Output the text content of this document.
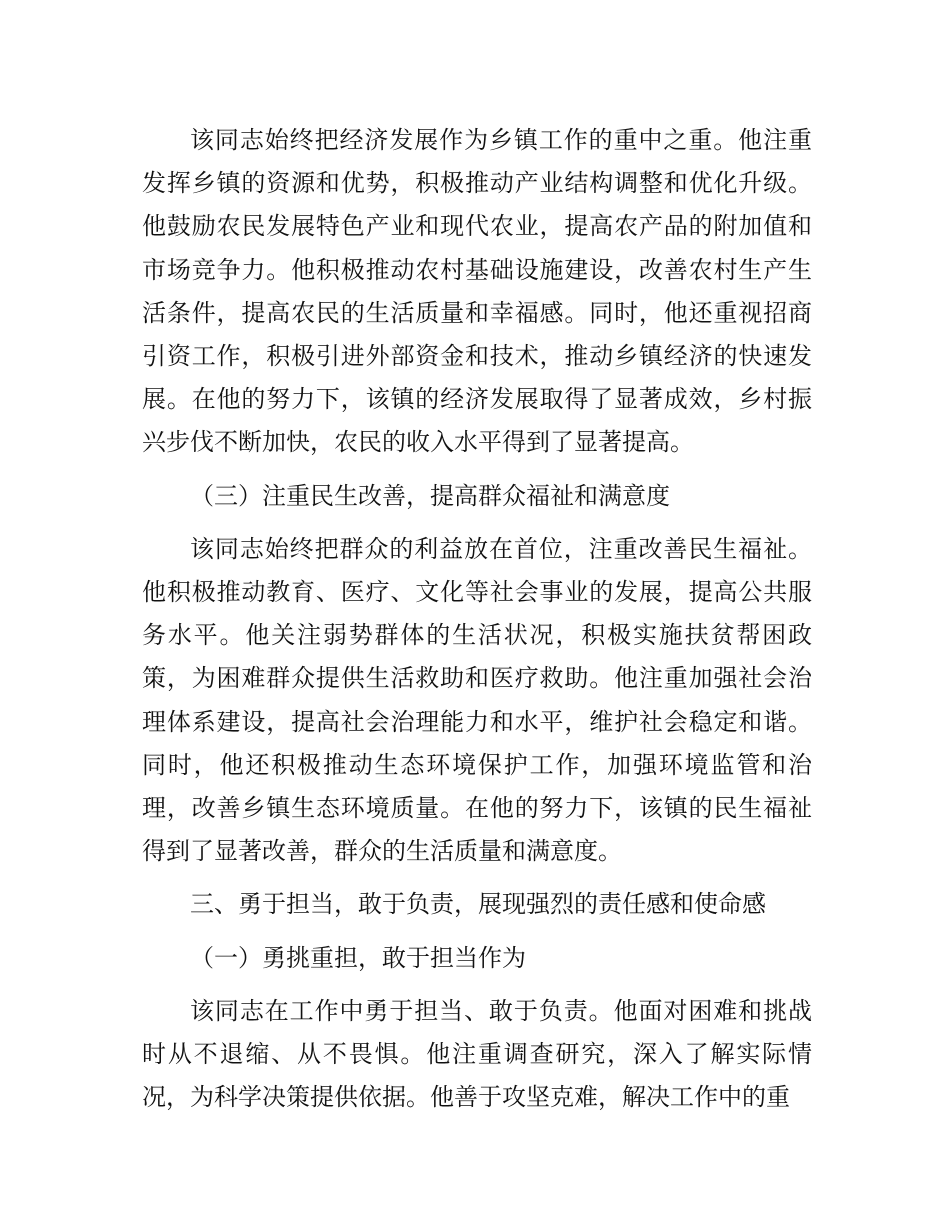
该同志始终把经济发展作为乡镇工作的重中之重。他注重发挥乡镇的资源和优势，积极推动产业结构调整和优化升级。他鼓励农民发展特色产业和现代农业，提高农产品的附加值和市场竞争力。他积极推动农村基础设施建设，改善农村生产生活条件，提高农民的生活质量和幸福感。同时，他还重视招商引资工作，积极引进外部资金和技术，推动乡镇经济的快速发展。在他的努力下，该镇的经济发展取得了显著成效，乡村振兴步伐不断加快，农民的收入水平得到了显著提高。

（三）注重民生改善，提高群众福祉和满意度

该同志始终把群众的利益放在首位，注重改善民生福祉。他积极推动教育、医疗、文化等社会事业的发展，提高公共服务水平。他关注弱势群体的生活状况，积极实施扶贫帮困政策，为困难群众提供生活救助和医疗救助。他注重加强社会治理体系建设，提高社会治理能力和水平，维护社会稳定和谐。同时，他还积极推动生态环境保护工作，加强环境监管和治理，改善乡镇生态环境质量。在他的努力下，该镇的民生福祉得到了显著改善，群众的生活质量和满意度。

三、勇于担当，敢于负责，展现强烈的责任感和使命感

（一）勇挑重担，敢于担当作为

该同志在工作中勇于担当、敢于负责。他面对困难和挑战时从不退缩、从不畏惧。他注重调查研究，深入了解实际情况，为科学决策提供依据。他善于攻坚克难，解决工作中的重
